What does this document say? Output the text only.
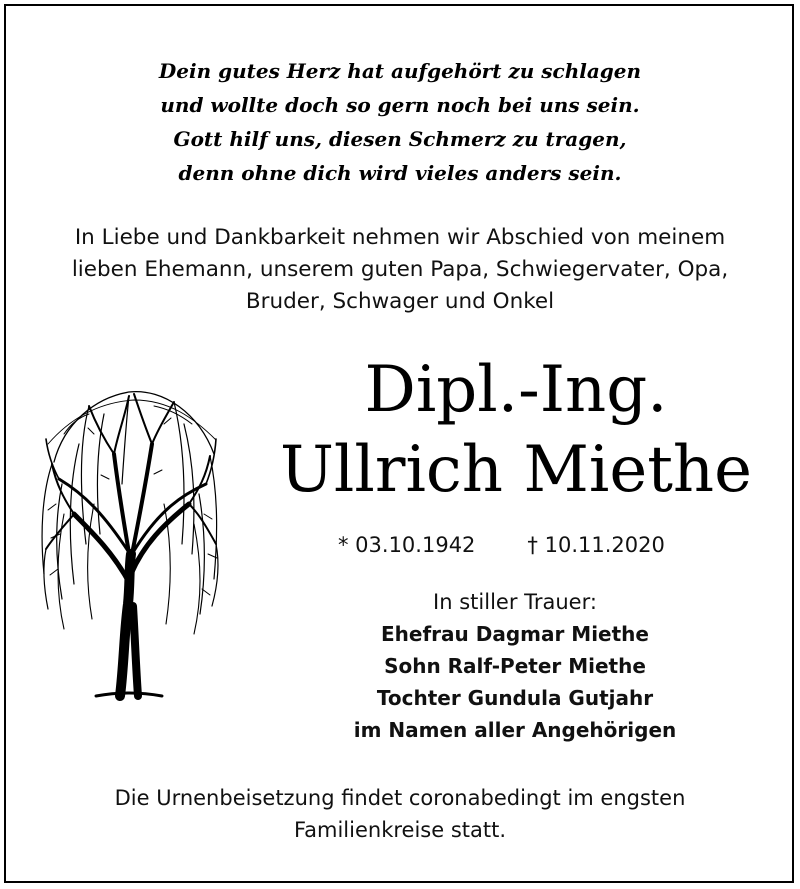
Dein gutes Herz hat aufgehört zu schlagen
und wollte doch so gern noch bei uns sein.
Gott hilf uns, diesen Schmerz zu tragen,
denn ohne dich wird vieles anders sein.
In Liebe und Dankbarkeit nehmen wir Abschied von meinem
lieben Ehemann, unserem guten Papa, Schwiegervater, Opa,
Bruder, Schwager und Onkel
Dipl.-Ing.
Ullrich Miethe
* 03.10.1942 † 10.11.2020
In stiller Trauer:
Ehefrau Dagmar Miethe
Sohn Ralf-Peter Miethe
Tochter Gundula Gutjahr
im Namen aller Angehörigen
Die Urnenbeisetzung findet coronabedingt im engsten
Familienkreise statt.
